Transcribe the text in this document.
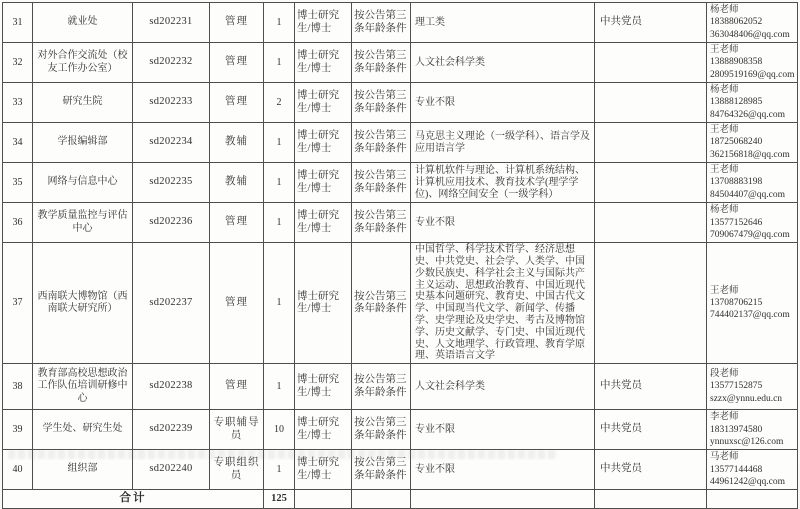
31	就业处	sd202231	管理	1	博士研究生/博士	按公告第三条年龄条件	理工类	中共党员	杨老师
18388062052
363048406@qq.com

32	对外合作交流处（校友工作办公室）	sd202232	管理	1	博士研究生/博士	按公告第三条年龄条件	人文社会科学类		王老师
13888908358
2809519169@qq.com

33	研究生院	sd202233	管理	2	博士研究生/博士	按公告第三条年龄条件	专业不限		杨老师
13888128985
84764326@qq.com

34	学报编辑部	sd202234	教辅	1	博士研究生/博士	按公告第三条年龄条件	马克思主义理论（一级学科）、语言学及应用语言学		王老师
18725068240
362156818@qq.com

35	网络与信息中心	sd202235	教辅	1	博士研究生/博士	按公告第三条年龄条件	计算机软件与理论、计算机系统结构、计算机应用技术、教育技术学(理学学位)、网络空间安全（一级学科）		王老师
13708883198
84504407@qq.com

36	教学质量监控与评估中心	sd202236	管理	1	博士研究生/博士	按公告第三条年龄条件	专业不限		杨老师
13577152646
709067479@qq.com

37	西南联大博物馆（西南联大研究所）	sd202237	管理	1	博士研究生/博士	按公告第三条年龄条件	中国哲学、科学技术哲学、经济思想史、中共党史、社会学、人类学、中国少数民族史、科学社会主义与国际共产主义运动、思想政治教育、中国近现代史基本问题研究、教育史、中国古代文学、中国现当代文学、新闻学、传播学、史学理论及史学史、考古及博物馆学、历史文献学、专门史、中国近现代史、人文地理学、行政管理、教育学原理、英语语言文学		王老师
13708706215
744402137@qq.com

38	教育部高校思想政治工作队伍培训研修中心	sd202238	管理	1	博士研究生/博士	按公告第三条年龄条件	人文社会科学类	中共党员	段老师
13577152875
szzx@ynnu.edu.cn

39	学生处、研究生处	sd202239	专职辅导员	10	博士研究生/博士	按公告第三条年龄条件	专业不限	中共党员	李老师
18313974580
ynnuxsc@126.com

40	组织部	sd202240	专职组织员	1	博士研究生/博士	按公告第三条年龄条件	专业不限	中共党员	马老师
13577144468
44961242@qq.com

合计				125					
